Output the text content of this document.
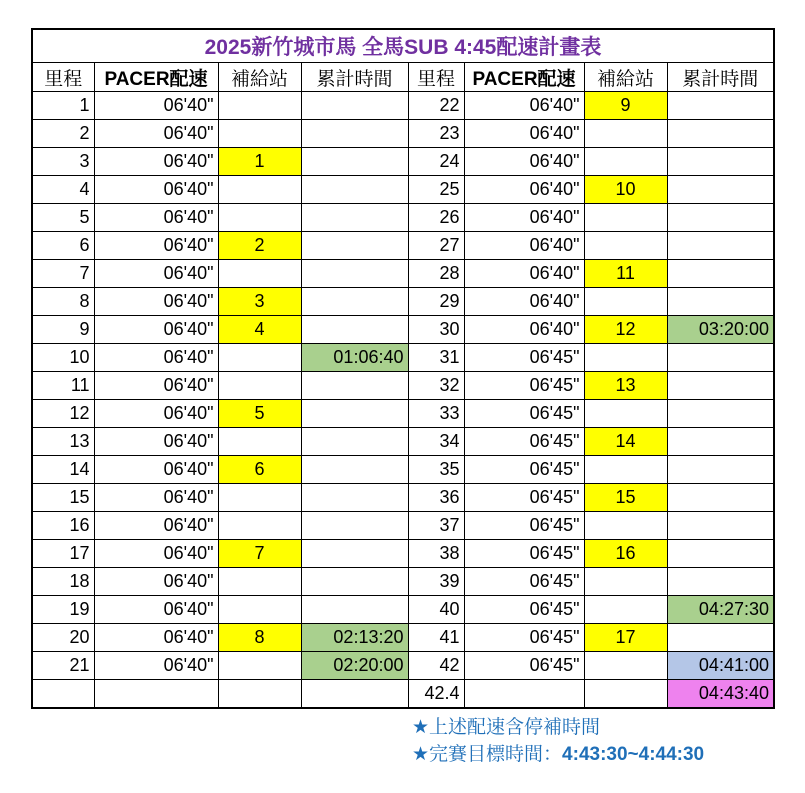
2025新竹城市馬 全馬SUB 4:45配速計畫表							
里程	PACER配速	補給站	累計時間	里程	PACER配速	補給站	累計時間
1	06'40"			22	06'40"	9	
2	06'40"			23	06'40"		
3	06'40"	1		24	06'40"		
4	06'40"			25	06'40"	10	
5	06'40"			26	06'40"		
6	06'40"	2		27	06'40"		
7	06'40"			28	06'40"	11	
8	06'40"	3		29	06'40"		
9	06'40"	4		30	06'40"	12	03:20:00
10	06'40"		01:06:40	31	06'45"		
11	06'40"			32	06'45"	13	
12	06'40"	5		33	06'45"		
13	06'40"			34	06'45"	14	
14	06'40"	6		35	06'45"		
15	06'40"			36	06'45"	15	
16	06'40"			37	06'45"		
17	06'40"	7		38	06'45"	16	
18	06'40"			39	06'45"		
19	06'40"			40	06'45"		04:27:30
20	06'40"	8	02:13:20	41	06'45"	17	
21	06'40"		02:20:00	42	06'45"		04:41:00
				42.4			04:43:40
★上述配速含停補時間
★完賽目標時間：4:43:30~4:44:30
